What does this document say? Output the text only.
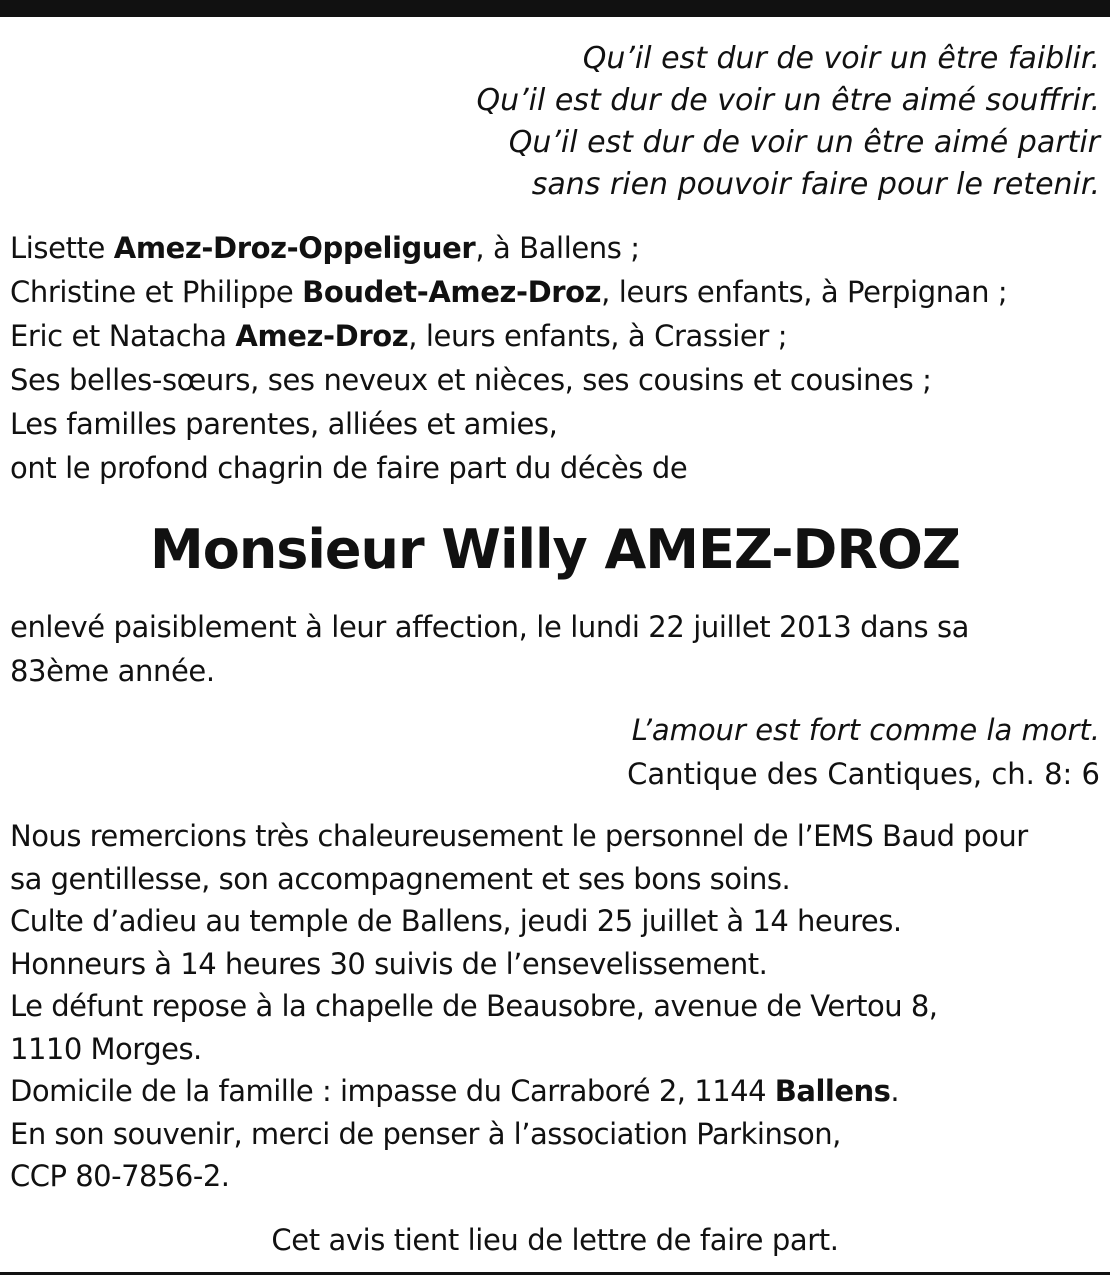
Qu’il est dur de voir un être faiblir.
Qu’il est dur de voir un être aimé souffrir.
Qu’il est dur de voir un être aimé partir
sans rien pouvoir faire pour le retenir.
Lisette Amez-Droz-Oppeliguer, à Ballens ;
Christine et Philippe Boudet-Amez-Droz, leurs enfants, à Perpignan ;
Eric et Natacha Amez-Droz, leurs enfants, à Crassier ;
Ses belles-sœurs, ses neveux et nièces, ses cousins et cousines ;
Les familles parentes, alliées et amies,
ont le profond chagrin de faire part du décès de
Monsieur Willy AMEZ-DROZ
enlevé paisiblement à leur affection, le lundi 22 juillet 2013 dans sa
83ème année.
L’amour est fort comme la mort.
Cantique des Cantiques, ch. 8: 6
Nous remercions très chaleureusement le personnel de l’EMS Baud pour
sa gentillesse, son accompagnement et ses bons soins.
Culte d’adieu au temple de Ballens, jeudi 25 juillet à 14 heures.
Honneurs à 14 heures 30 suivis de l’ensevelissement.
Le défunt repose à la chapelle de Beausobre, avenue de Vertou 8,
1110 Morges.
Domicile de la famille : impasse du Carraboré 2, 1144 Ballens.
En son souvenir, merci de penser à l’association Parkinson,
CCP 80-7856-2.
Cet avis tient lieu de lettre de faire part.
